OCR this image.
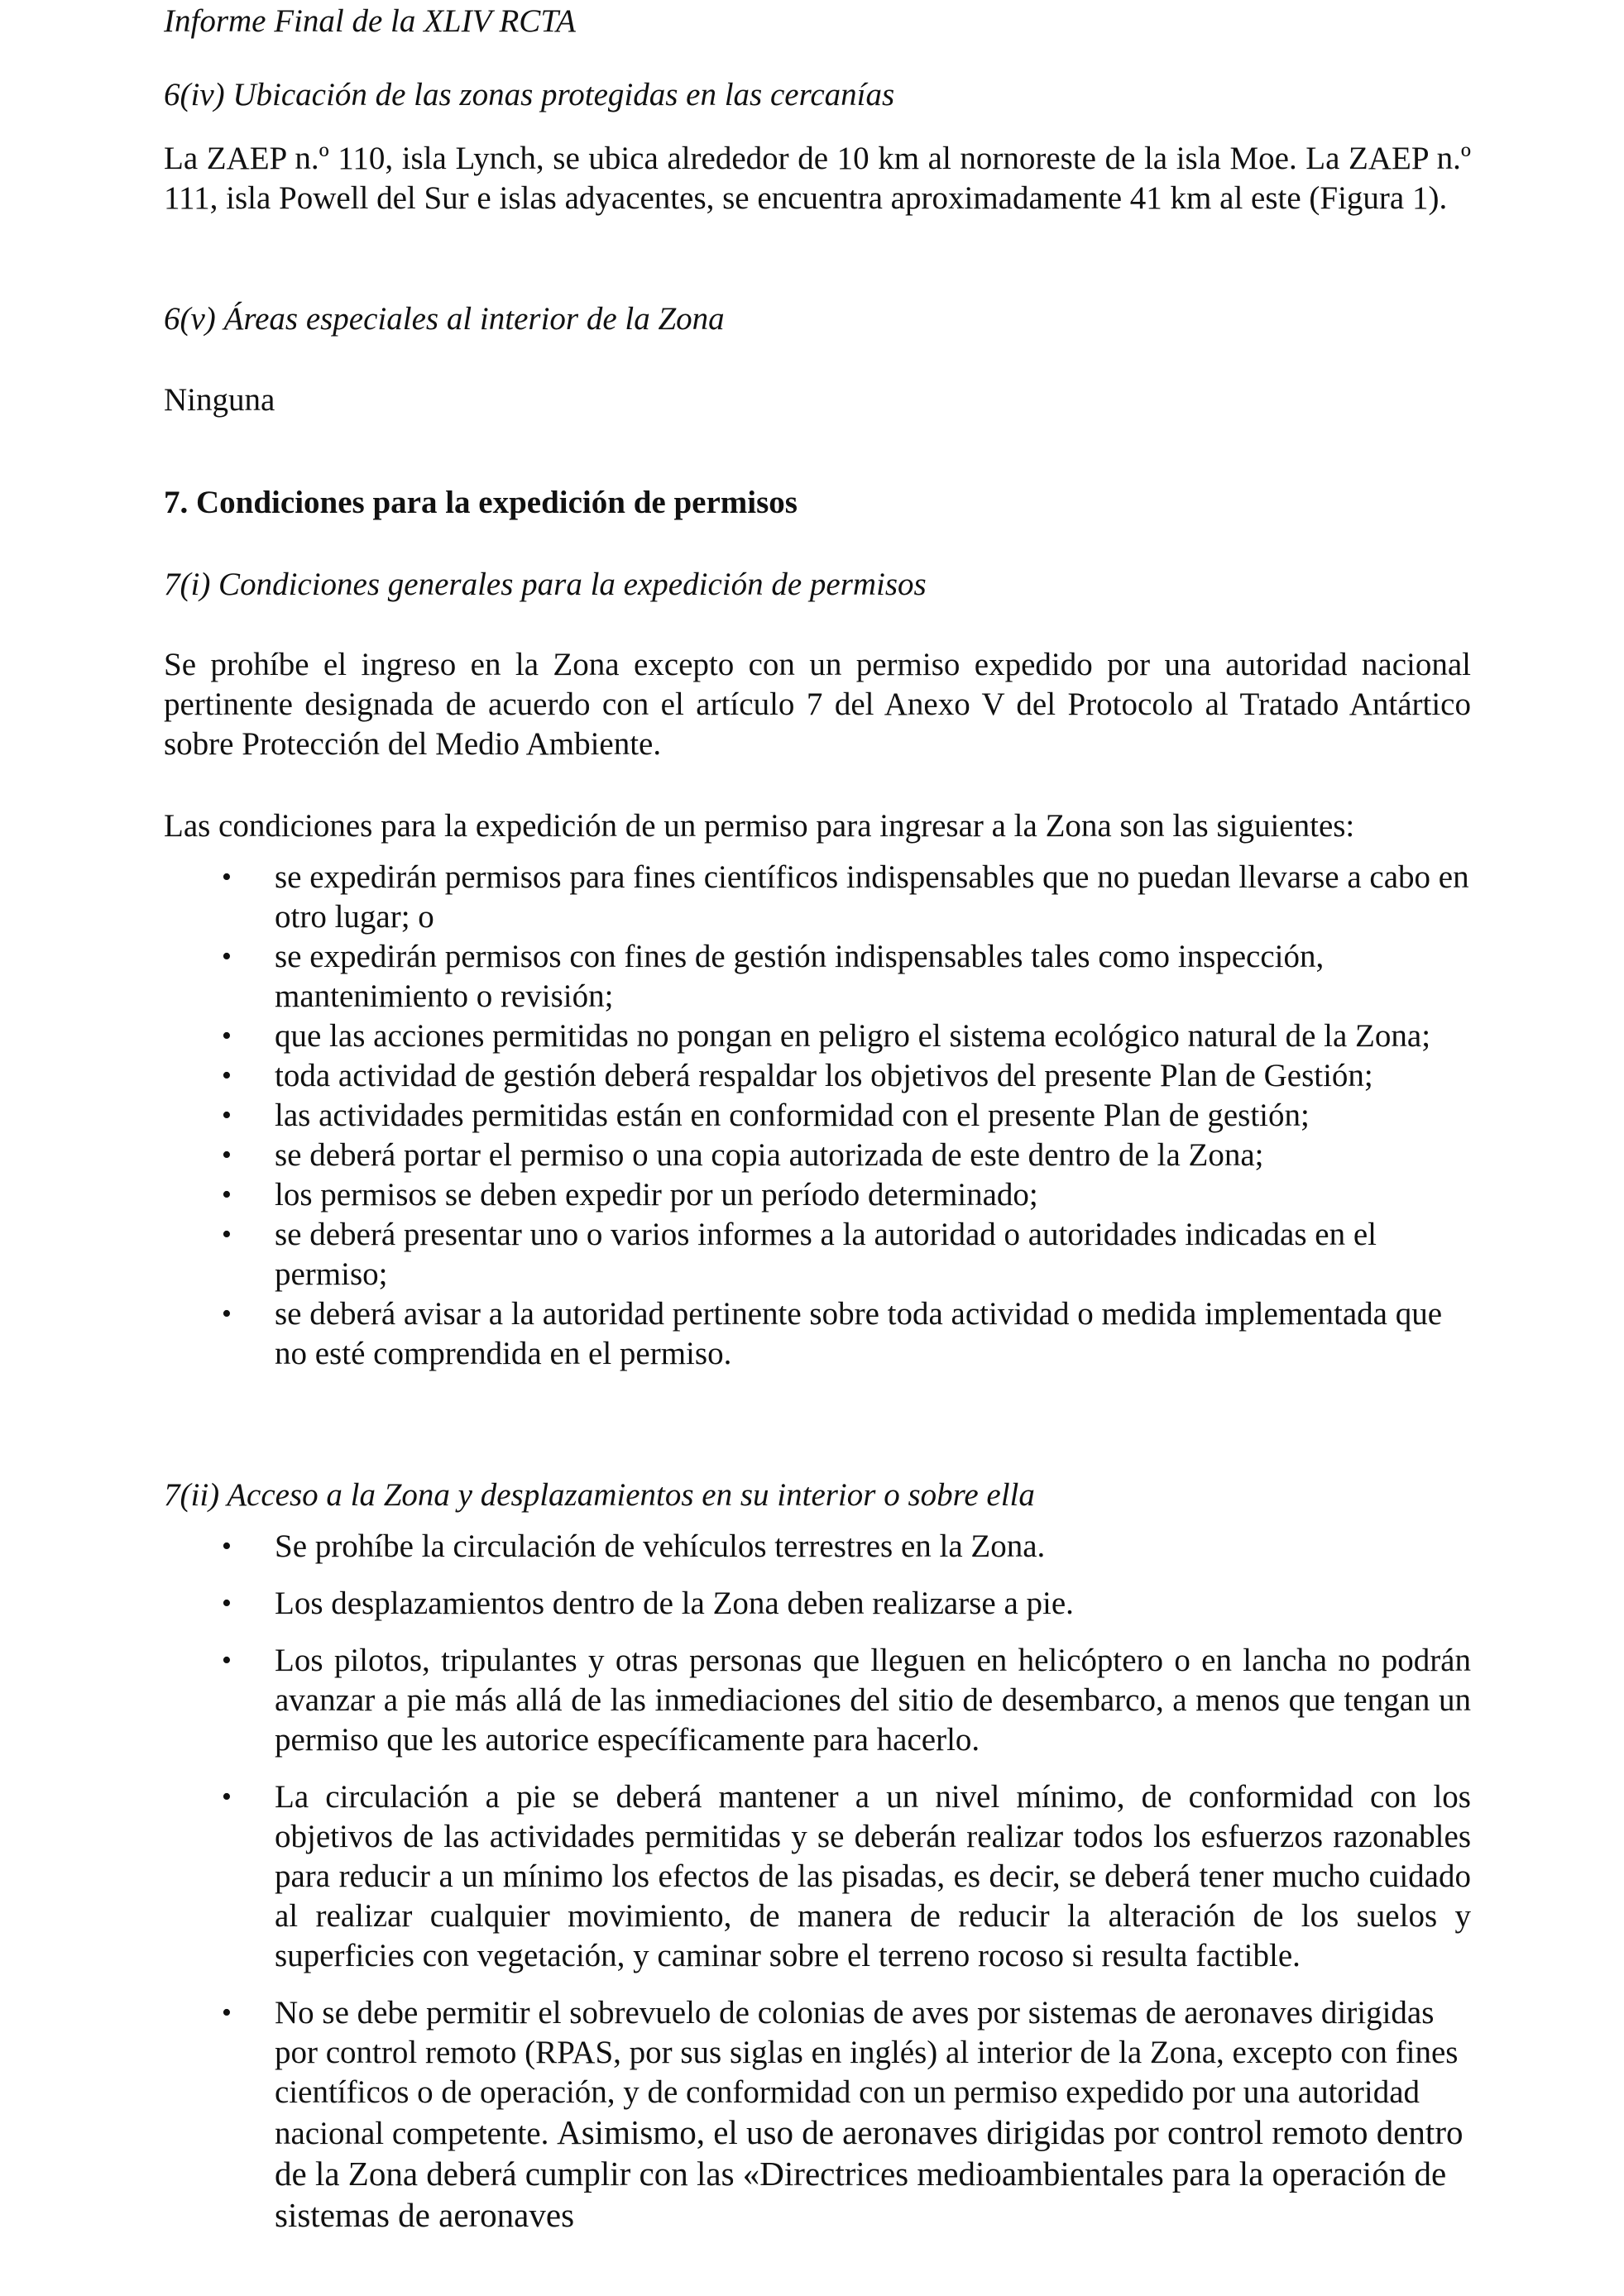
Informe Final de la XLIV RCTA

6(iv) Ubicación de las zonas protegidas en las cercanías

La ZAEP n.º 110, isla Lynch, se ubica alrededor de 10 km al nornoreste de la isla Moe. La ZAEP n.º 111, isla Powell del Sur e islas adyacentes, se encuentra aproximadamente 41 km al este (Figura 1).

6(v) Áreas especiales al interior de la Zona

Ninguna

7. Condiciones para la expedición de permisos

7(i) Condiciones generales para la expedición de permisos

Se prohíbe el ingreso en la Zona excepto con un permiso expedido por una autoridad nacional pertinente designada de acuerdo con el artículo 7 del Anexo V del Protocolo al Tratado Antártico sobre Protección del Medio Ambiente.

Las condiciones para la expedición de un permiso para ingresar a la Zona son las siguientes:

• se expedirán permisos para fines científicos indispensables que no puedan llevarse a cabo en otro lugar; o
• se expedirán permisos con fines de gestión indispensables tales como inspección, mantenimiento o revisión;
• que las acciones permitidas no pongan en peligro el sistema ecológico natural de la Zona;
• toda actividad de gestión deberá respaldar los objetivos del presente Plan de Gestión;
• las actividades permitidas están en conformidad con el presente Plan de gestión;
• se deberá portar el permiso o una copia autorizada de este dentro de la Zona;
• los permisos se deben expedir por un período determinado;
• se deberá presentar uno o varios informes a la autoridad o autoridades indicadas en el permiso;
• se deberá avisar a la autoridad pertinente sobre toda actividad o medida implementada que no esté comprendida en el permiso.

7(ii) Acceso a la Zona y desplazamientos en su interior o sobre ella

• Se prohíbe la circulación de vehículos terrestres en la Zona.
• Los desplazamientos dentro de la Zona deben realizarse a pie.
• Los pilotos, tripulantes y otras personas que lleguen en helicóptero o en lancha no podrán avanzar a pie más allá de las inmediaciones del sitio de desembarco, a menos que tengan un permiso que les autorice específicamente para hacerlo.
• La circulación a pie se deberá mantener a un nivel mínimo, de conformidad con los objetivos de las actividades permitidas y se deberán realizar todos los esfuerzos razonables para reducir a un mínimo los efectos de las pisadas, es decir, se deberá tener mucho cuidado al realizar cualquier movimiento, de manera de reducir la alteración de los suelos y superficies con vegetación, y caminar sobre el terreno rocoso si resulta factible.
• No se debe permitir el sobrevuelo de colonias de aves por sistemas de aeronaves dirigidas por control remoto (RPAS, por sus siglas en inglés) al interior de la Zona, excepto con fines científicos o de operación, y de conformidad con un permiso expedido por una autoridad nacional competente. Asimismo, el uso de aeronaves dirigidas por control remoto dentro de la Zona deberá cumplir con las «Directrices medioambientales para la operación de sistemas de aeronaves
